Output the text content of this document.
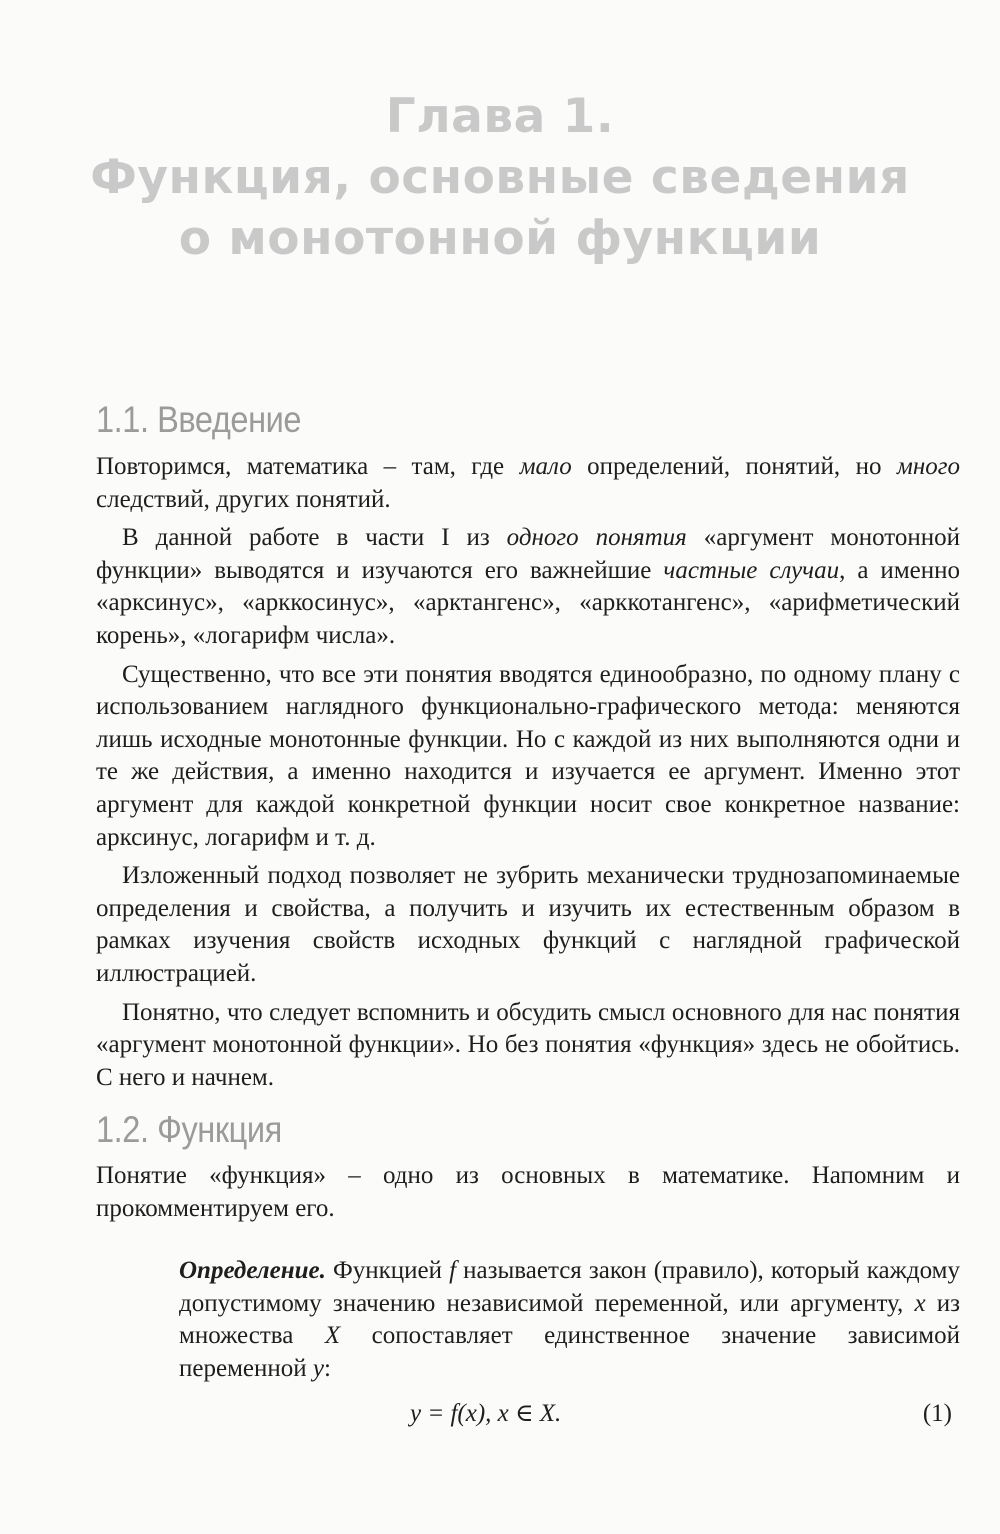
Глава 1.
Функция, основные сведения
о монотонной функции
1.1. Введение

Повторимся, математика – там, где мало определений, понятий, но много следствий, других понятий.

В данной работе в части I из одного понятия «аргумент монотонной функции» выводятся и изучаются его важнейшие частные случаи, а именно «арксинус», «арккосинус», «арктангенс», «арккотангенс», «арифметический корень», «логарифм числа».

Существенно, что все эти понятия вводятся единообразно, по одному плану с использованием наглядного функционально-графического метода: меняются лишь исходные монотонные функции. Но с каждой из них выполняются одни и те же действия, а именно находится и изучается ее аргумент. Именно этот аргумент для каждой конкретной функции носит свое конкретное название: арксинус, логарифм и т. д.

Изложенный подход позволяет не зубрить механически труднозапоминаемые определения и свойства, а получить и изучить их естественным образом в рамках изучения свойств исходных функций с наглядной графической иллюстрацией.

Понятно, что следует вспомнить и обсудить смысл основного для нас понятия «аргумент монотонной функции». Но без понятия «функция» здесь не обойтись. С него и начнем.

1.2. Функция

Понятие «функция» – одно из основных в математике. Напомним и прокомментируем его.

Определение. Функцией f называется закон (правило), который каждому допустимому значению независимой переменной, или аргументу, x из множества X сопоставляет единственное значение зависимой переменной y:

y = f(x), x ∈ X.	(1)
